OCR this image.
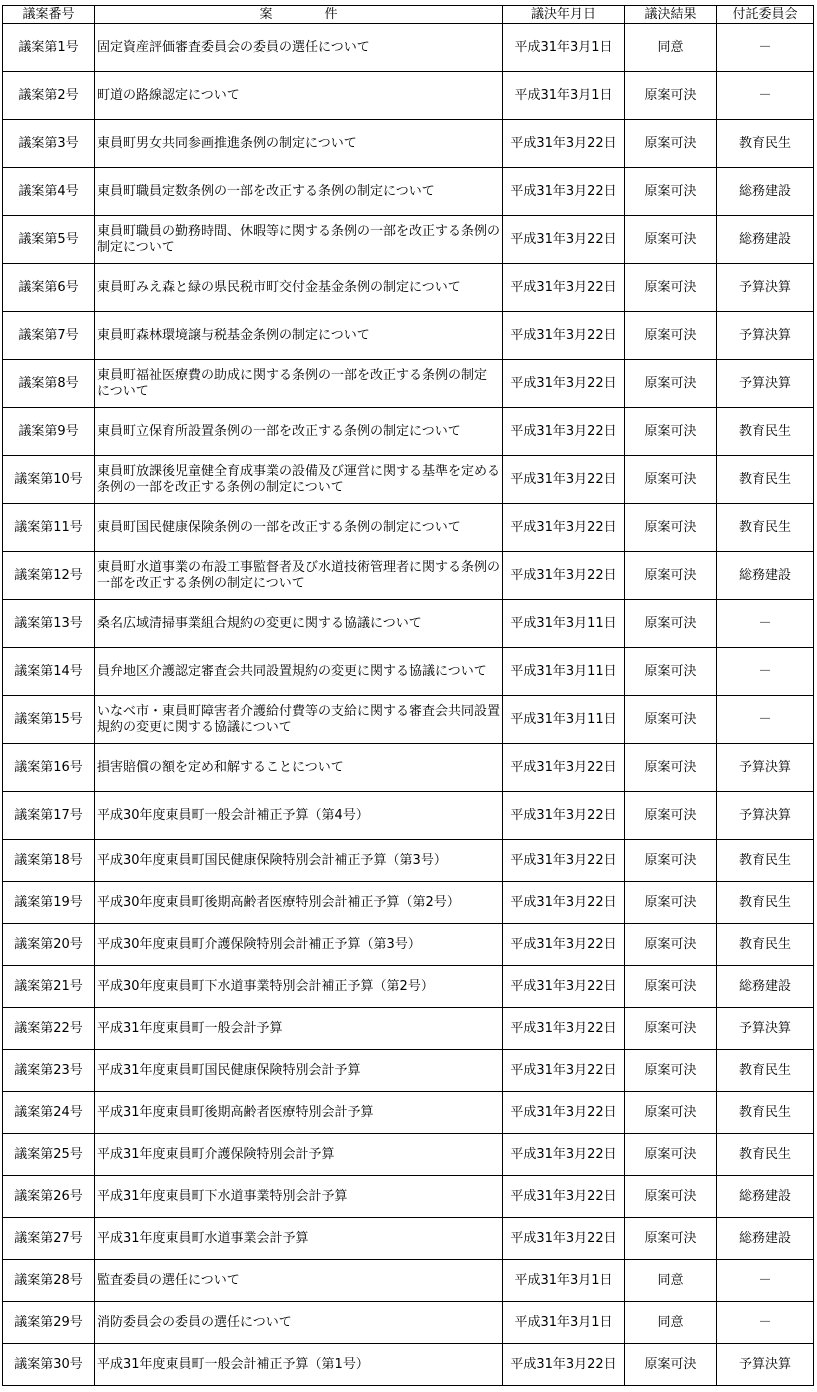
議案番号	案　　　　件	議決年月日	議決結果	付託委員会
議案第1号	固定資産評価審査委員会の委員の選任について	平成31年3月1日	同意	－
議案第2号	町道の路線認定について	平成31年3月1日	原案可決	－
議案第3号	東員町男女共同参画推進条例の制定について	平成31年3月22日	原案可決	教育民生
議案第4号	東員町職員定数条例の一部を改正する条例の制定について	平成31年3月22日	原案可決	総務建設
議案第5号	東員町職員の勤務時間、休暇等に関する条例の一部を改正する条例の制定について	平成31年3月22日	原案可決	総務建設
議案第6号	東員町みえ森と緑の県民税市町交付金基金条例の制定について	平成31年3月22日	原案可決	予算決算
議案第7号	東員町森林環境譲与税基金条例の制定について	平成31年3月22日	原案可決	予算決算
議案第8号	東員町福祉医療費の助成に関する条例の一部を改正する条例の制定について	平成31年3月22日	原案可決	予算決算
議案第9号	東員町立保育所設置条例の一部を改正する条例の制定について	平成31年3月22日	原案可決	教育民生
議案第10号	東員町放課後児童健全育成事業の設備及び運営に関する基準を定める条例の一部を改正する条例の制定について	平成31年3月22日	原案可決	教育民生
議案第11号	東員町国民健康保険条例の一部を改正する条例の制定について	平成31年3月22日	原案可決	教育民生
議案第12号	東員町水道事業の布設工事監督者及び水道技術管理者に関する条例の一部を改正する条例の制定について	平成31年3月22日	原案可決	総務建設
議案第13号	桑名広域清掃事業組合規約の変更に関する協議について	平成31年3月11日	原案可決	－
議案第14号	員弁地区介護認定審査会共同設置規約の変更に関する協議について	平成31年3月11日	原案可決	－
議案第15号	いなべ市・東員町障害者介護給付費等の支給に関する審査会共同設置規約の変更に関する協議について	平成31年3月11日	原案可決	－
議案第16号	損害賠償の額を定め和解することについて	平成31年3月22日	原案可決	予算決算
議案第17号	平成30年度東員町一般会計補正予算（第4号）	平成31年3月22日	原案可決	予算決算
議案第18号	平成30年度東員町国民健康保険特別会計補正予算（第3号）	平成31年3月22日	原案可決	教育民生
議案第19号	平成30年度東員町後期高齢者医療特別会計補正予算（第2号）	平成31年3月22日	原案可決	教育民生
議案第20号	平成30年度東員町介護保険特別会計補正予算（第3号）	平成31年3月22日	原案可決	教育民生
議案第21号	平成30年度東員町下水道事業特別会計補正予算（第2号）	平成31年3月22日	原案可決	総務建設
議案第22号	平成31年度東員町一般会計予算	平成31年3月22日	原案可決	予算決算
議案第23号	平成31年度東員町国民健康保険特別会計予算	平成31年3月22日	原案可決	教育民生
議案第24号	平成31年度東員町後期高齢者医療特別会計予算	平成31年3月22日	原案可決	教育民生
議案第25号	平成31年度東員町介護保険特別会計予算	平成31年3月22日	原案可決	教育民生
議案第26号	平成31年度東員町下水道事業特別会計予算	平成31年3月22日	原案可決	総務建設
議案第27号	平成31年度東員町水道事業会計予算	平成31年3月22日	原案可決	総務建設
議案第28号	監査委員の選任について	平成31年3月1日	同意	－
議案第29号	消防委員会の委員の選任について	平成31年3月1日	同意	－
議案第30号	平成31年度東員町一般会計補正予算（第1号）	平成31年3月22日	原案可決	予算決算
